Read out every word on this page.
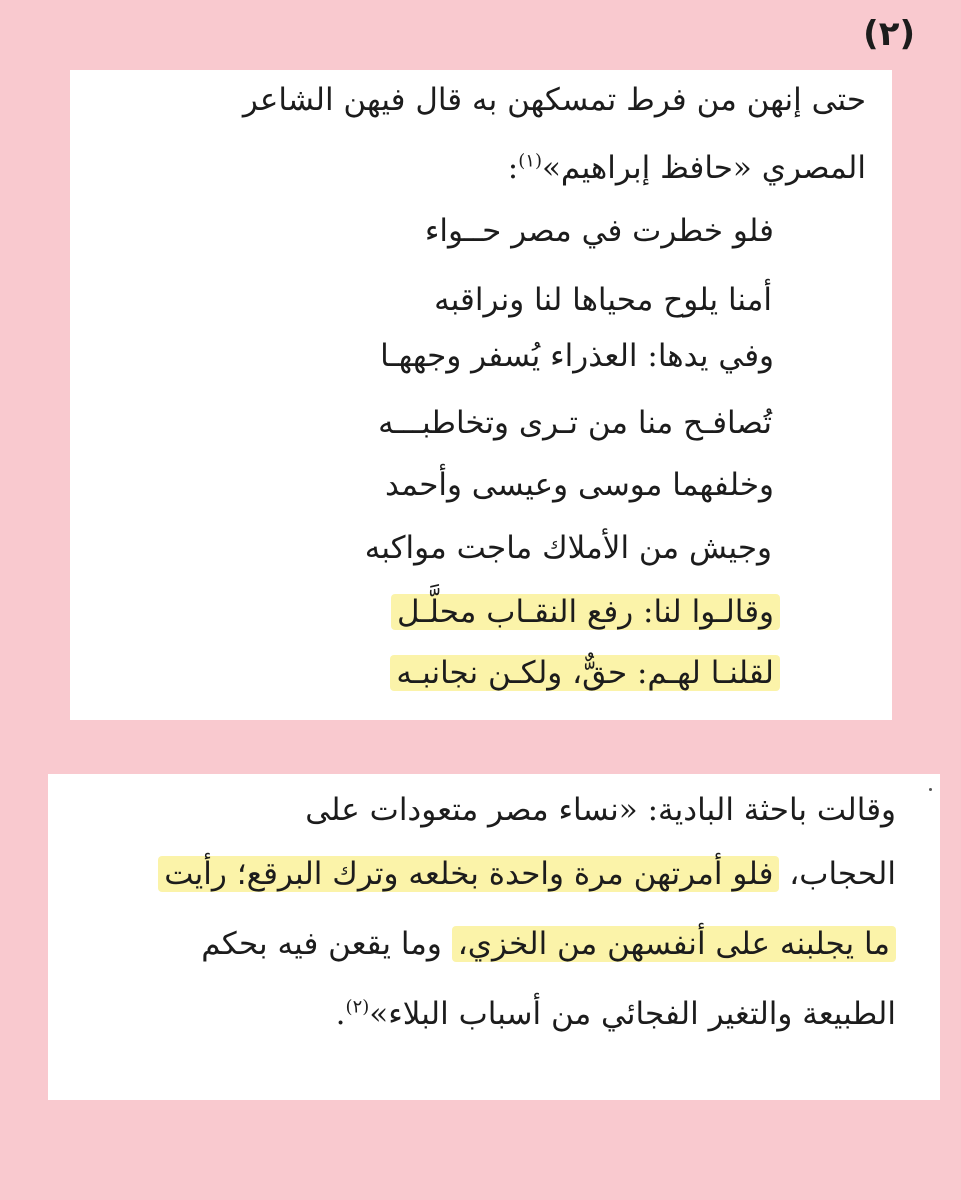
(٢)
حتى إنهن من فرط تمسكهن به قال فيهن الشاعر
المصري «حافظ إبراهيم»$^{(١)}$:
فلو خطرت في مصر حــواء
أمنا يلوح محياها لنا ونراقبه
وفي يدها: العذراء يُسفر وجههـا
تُصافـح منا من تـرى وتخاطبـــه
وخلفهما موسى وعيسى وأحمد
وجيش من الأملاك ماجت مواكبه
وقالـوا لنا: رفع النقـاب محلَّـل
لقلنـا لهـم: حقٌّ، ولكـن نجانبـه
وقالت باحثة البادية: «نساء مصر متعودات على
الحجاب، فلو أمرتهن مرة واحدة بخلعه وترك البرقع؛ رأيت
ما يجلبنه على أنفسهن من الخزي، وما يقعن فيه بحكم
الطبيعة والتغير الفجائي من أسباب البلاء»$^{(٢)}$.
